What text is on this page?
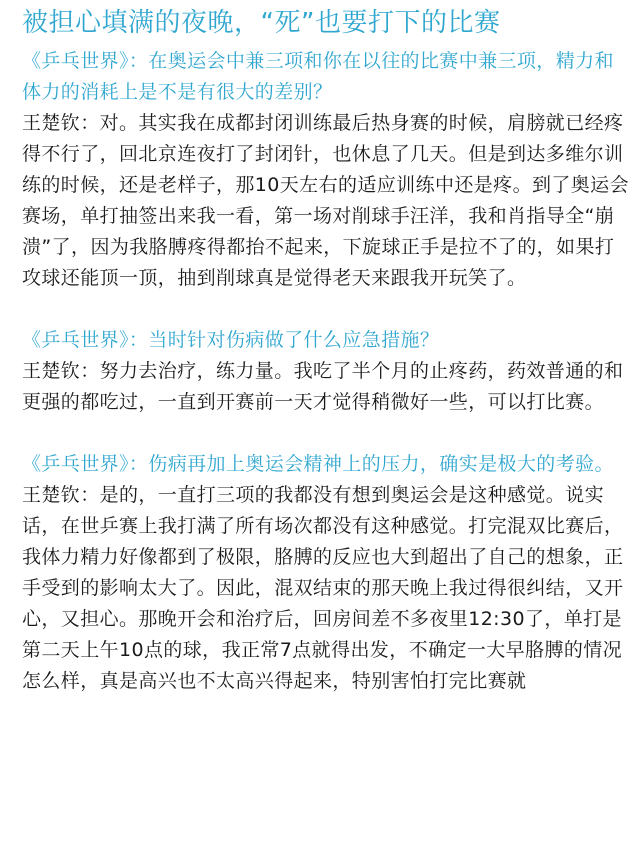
被担心填满的夜晚，“死”也要打下的比赛

《乒乓世界》：在奥运会中兼三项和你在以往的比赛中兼三项，精力和体力的消耗上是不是有很大的差别？

王楚钦：对。其实我在成都封闭训练最后热身赛的时候，肩膀就已经疼得不行了，回北京连夜打了封闭针，也休息了几天。但是到达多维尔训练的时候，还是老样子，那10天左右的适应训练中还是疼。到了奥运会赛场，单打抽签出来我一看，第一场对削球手汪洋，我和肖指导全“崩溃”了，因为我胳膊疼得都抬不起来，下旋球正手是拉不了的，如果打攻球还能顶一顶，抽到削球真是觉得老天来跟我开玩笑了。

《乒乓世界》：当时针对伤病做了什么应急措施？

王楚钦：努力去治疗，练力量。我吃了半个月的止疼药，药效普通的和更强的都吃过，一直到开赛前一天才觉得稍微好一些，可以打比赛。

《乒乓世界》：伤病再加上奥运会精神上的压力，确实是极大的考验。

王楚钦：是的，一直打三项的我都没有想到奥运会是这种感觉。说实话，在世乒赛上我打满了所有场次都没有这种感觉。打完混双比赛后，我体力精力好像都到了极限，胳膊的反应也大到超出了自己的想象，正手受到的影响太大了。因此，混双结束的那天晚上我过得很纠结，又开心，又担心。那晚开会和治疗后，回房间差不多夜里12:30了，单打是第二天上午10点的球，我正常7点就得出发，不确定一大早胳膊的情况怎么样，真是高兴也不太高兴得起来，特别害怕打完比赛就
